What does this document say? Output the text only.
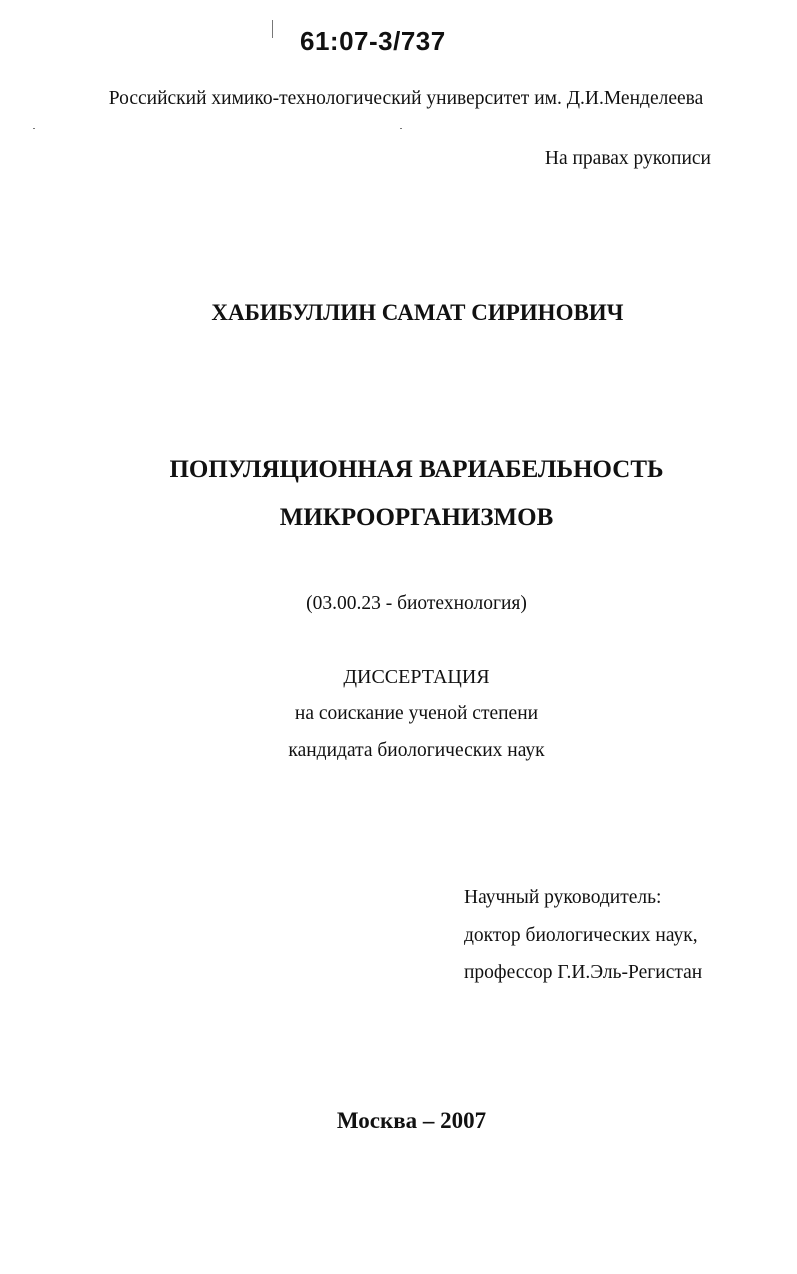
61:07-3/737
Российский химико-технологический университет им. Д.И.Менделеева
На правах рукописи
ХАБИБУЛЛИН САМАТ СИРИНОВИЧ
ПОПУЛЯЦИОННАЯ ВАРИАБЕЛЬНОСТЬ
МИКРООРГАНИЗМОВ
(03.00.23 - биотехнология)
ДИССЕРТАЦИЯ
на соискание ученой степени
кандидата биологических наук
Научный руководитель:
доктор биологических наук,
профессор Г.И.Эль-Регистан
Москва – 2007
